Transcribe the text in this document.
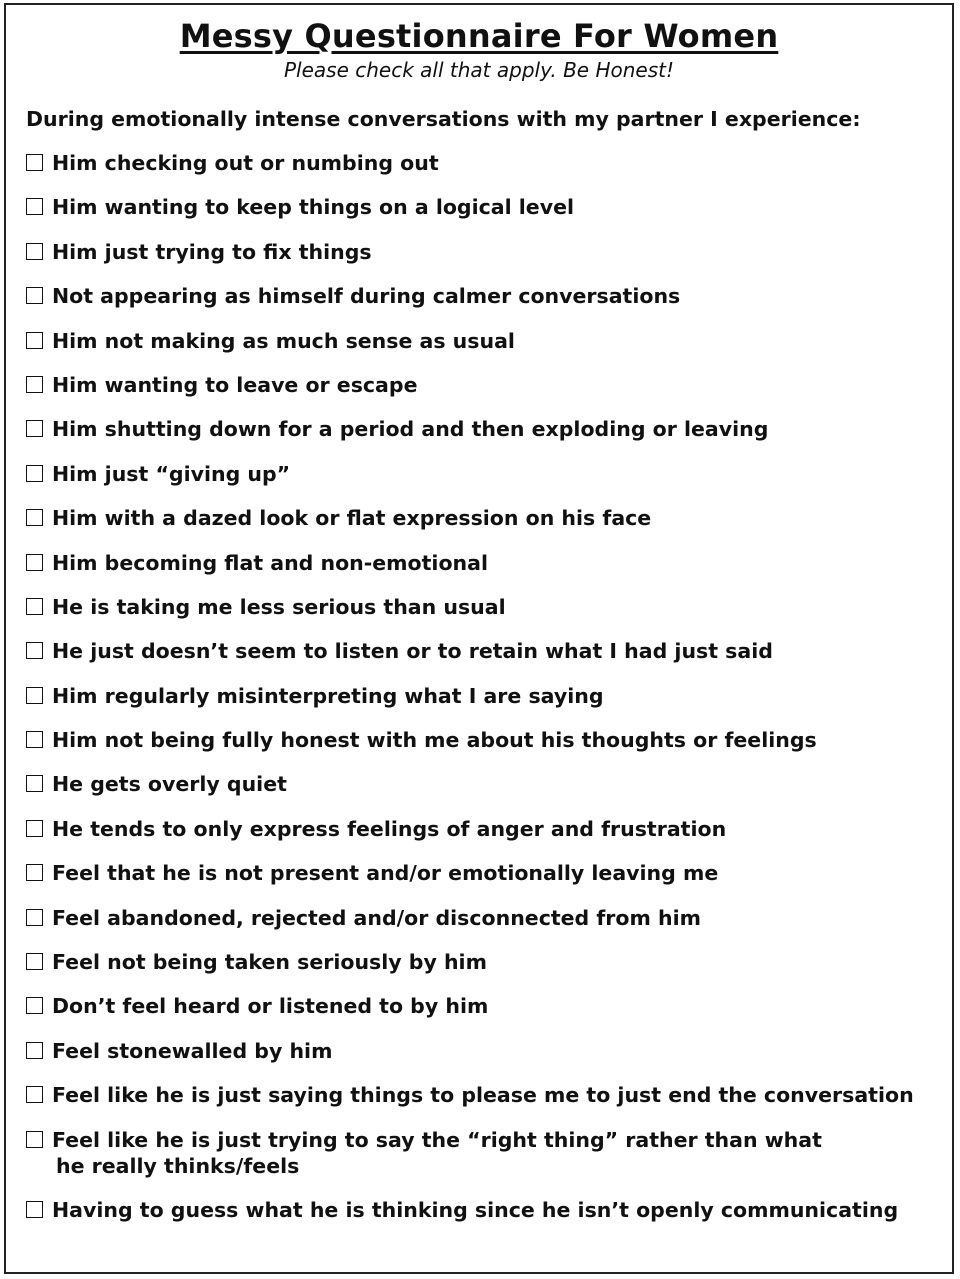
Messy Questionnaire For Women
Please check all that apply. Be Honest!
During emotionally intense conversations with my partner I experience:
Him checking out or numbing out
Him wanting to keep things on a logical level
Him just trying to fix things
Not appearing as himself during calmer conversations
Him not making as much sense as usual
Him wanting to leave or escape
Him shutting down for a period and then exploding or leaving
Him just “giving up”
Him with a dazed look or flat expression on his face
Him becoming flat and non-emotional
He is taking me less serious than usual
He just doesn’t seem to listen or to retain what I had just said
Him regularly misinterpreting what I are saying
Him not being fully honest with me about his thoughts or feelings
He gets overly quiet
He tends to only express feelings of anger and frustration
Feel that he is not present and/or emotionally leaving me
Feel abandoned, rejected and/or disconnected from him
Feel not being taken seriously by him
Don’t feel heard or listened to by him
Feel stonewalled by him
Feel like he is just saying things to please me to just end the conversation
Feel like he is just trying to say the “right thing” rather than what
he really thinks/feels
Having to guess what he is thinking since he isn’t openly communicating
